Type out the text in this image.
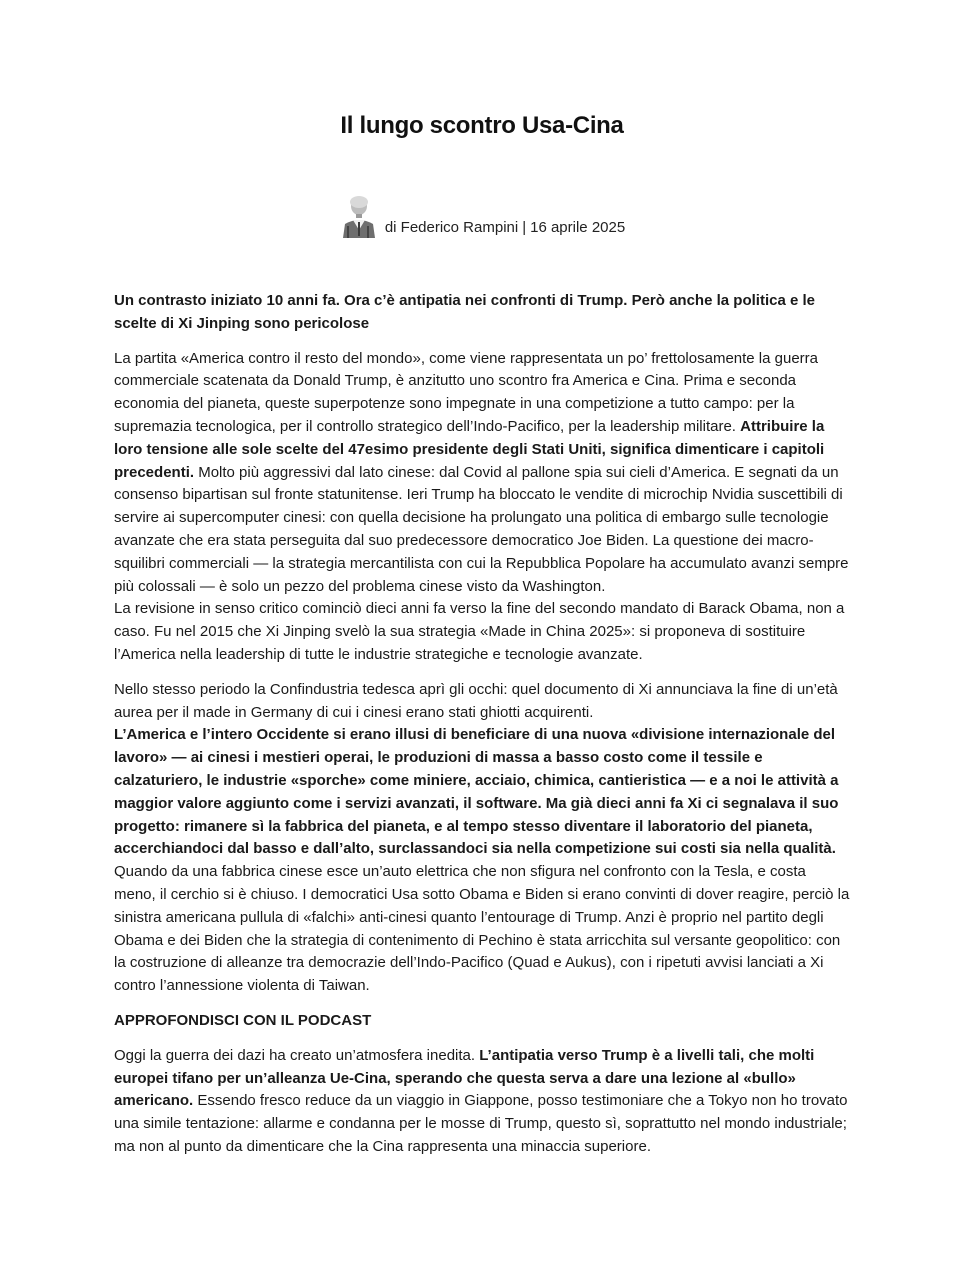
Il lungo scontro Usa-Cina
di Federico Rampini | 16 aprile 2025

Un contrasto iniziato 10 anni fa. Ora c’è antipatia nei confronti di Trump. Però anche la politica e le scelte di Xi Jinping sono pericolose

La partita «America contro il resto del mondo», come viene rappresentata un po’ frettolosamente la guerra commerciale scatenata da Donald Trump, è anzitutto uno scontro fra America e Cina. Prima e seconda economia del pianeta, queste superpotenze sono impegnate in una competizione a tutto campo: per la supremazia tecnologica, per il controllo strategico dell’Indo-Pacifico, per la leadership militare. Attribuire la loro tensione alle sole scelte del 47esimo presidente degli Stati Uniti, significa dimenticare i capitoli precedenti. Molto più aggressivi dal lato cinese: dal Covid al pallone spia sui cieli d’America. E segnati da un consenso bipartisan sul fronte statunitense. Ieri Trump ha bloccato le vendite di microchip Nvidia suscettibili di servire ai supercomputer cinesi: con quella decisione ha prolungato una politica di embargo sulle tecnologie avanzate che era stata perseguita dal suo predecessore democratico Joe Biden. La questione dei macro-squilibri commerciali — la strategia mercantilista con cui la Repubblica Popolare ha accumulato avanzi sempre più colossali — è solo un pezzo del problema cinese visto da Washington.

La revisione in senso critico cominciò dieci anni fa verso la fine del secondo mandato di Barack Obama, non a caso. Fu nel 2015 che Xi Jinping svelò la sua strategia «Made in China 2025»: si proponeva di sostituire l’America nella leadership di tutte le industrie strategiche e tecnologie avanzate.

Nello stesso periodo la Confindustria tedesca aprì gli occhi: quel documento di Xi annunciava la fine di un’età aurea per il made in Germany di cui i cinesi erano stati ghiotti acquirenti.

L’America e l’intero Occidente si erano illusi di beneficiare di una nuova «divisione internazionale del lavoro» — ai cinesi i mestieri operai, le produzioni di massa a basso costo come il tessile e calzaturiero, le industrie «sporche» come miniere, acciaio, chimica, cantieristica — e a noi le attività a maggior valore aggiunto come i servizi avanzati, il software. Ma già dieci anni fa Xi ci segnalava il suo progetto: rimanere sì la fabbrica del pianeta, e al tempo stesso diventare il laboratorio del pianeta, accerchiandoci dal basso e dall’alto, surclassandoci sia nella competizione sui costi sia nella qualità. Quando da una fabbrica cinese esce un’auto elettrica che non sfigura nel confronto con la Tesla, e costa meno, il cerchio si è chiuso. I democratici Usa sotto Obama e Biden si erano convinti di dover reagire, perciò la sinistra americana pullula di «falchi» anti-cinesi quanto l’entourage di Trump. Anzi è proprio nel partito degli Obama e dei Biden che la strategia di contenimento di Pechino è stata arricchita sul versante geopolitico: con la costruzione di alleanze tra democrazie dell’Indo-Pacifico (Quad e Aukus), con i ripetuti avvisi lanciati a Xi contro l’annessione violenta di Taiwan.

APPROFONDISCI CON IL PODCAST

Oggi la guerra dei dazi ha creato un’atmosfera inedita. L’antipatia verso Trump è a livelli tali, che molti europei tifano per un’alleanza Ue-Cina, sperando che questa serva a dare una lezione al «bullo» americano. Essendo fresco reduce da un viaggio in Giappone, posso testimoniare che a Tokyo non ho trovato una simile tentazione: allarme e condanna per le mosse di Trump, questo sì, soprattutto nel mondo industriale; ma non al punto da dimenticare che la Cina rappresenta una minaccia superiore.
